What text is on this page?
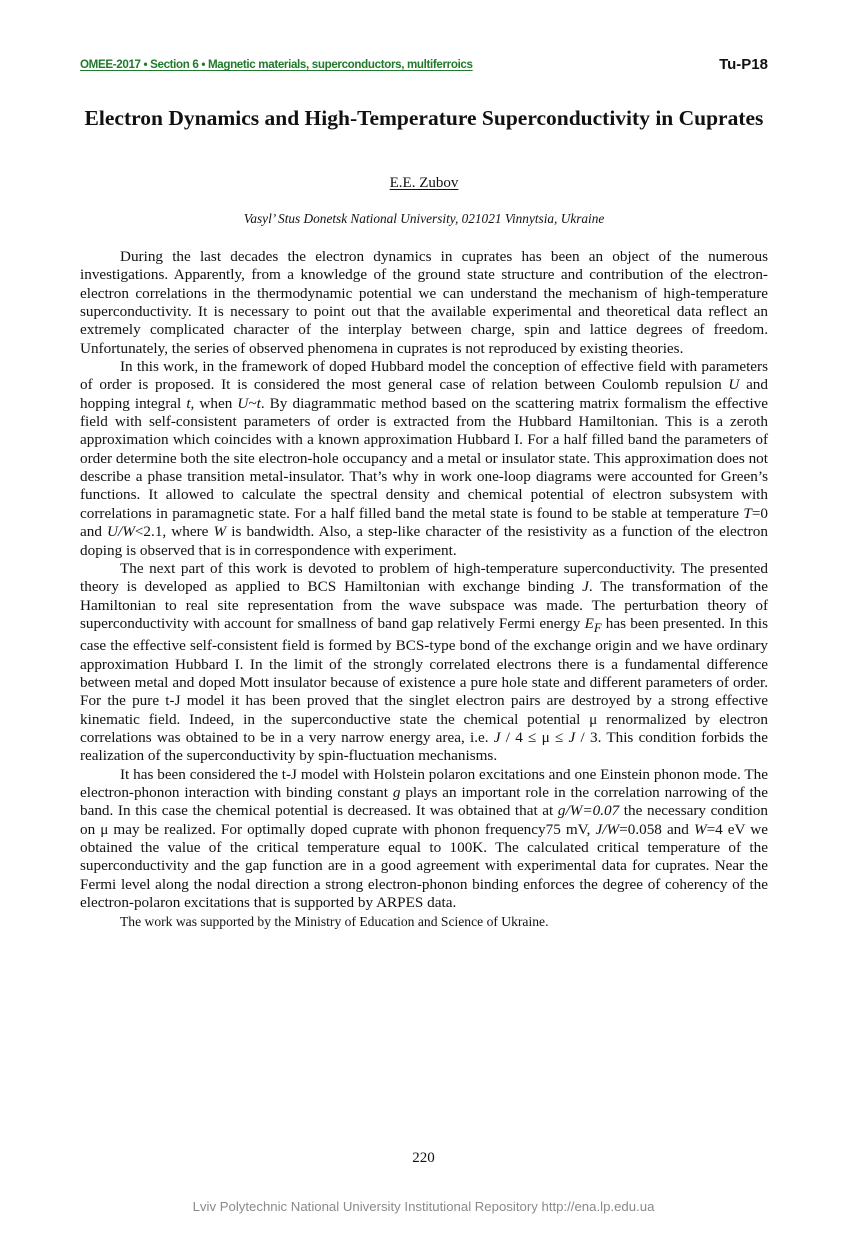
OMEE-2017 • Section 6 • Magnetic materials, superconductors, multiferroics	Tu-P18
Electron Dynamics and High-Temperature Superconductivity in Cuprates
E.E. Zubov
Vasyl’ Stus Donetsk National University, 021021 Vinnytsia, Ukraine

During the last decades the electron dynamics in cuprates has been an object of the numerous investigations. Apparently, from a knowledge of the ground state structure and contribution of the electron-electron correlations in the thermodynamic potential we can understand the mechanism of high-temperature superconductivity. It is necessary to point out that the available experimental and theoretical data reflect an extremely complicated character of the interplay between charge, spin and lattice degrees of freedom. Unfortunately, the series of observed phenomena in cuprates is not reproduced by existing theories.

In this work, in the framework of doped Hubbard model the conception of effective field with parameters of order is proposed. It is considered the most general case of relation between Coulomb repulsion U and hopping integral t, when U~t. By diagrammatic method based on the scattering matrix formalism the effective field with self-consistent parameters of order is extracted from the Hubbard Hamiltonian. This is a zeroth approximation which coincides with a known approximation Hubbard I. For a half filled band the parameters of order determine both the site electron-hole occupancy and a metal or insulator state. This approximation does not describe a phase transition metal-insulator. That’s why in work one-loop diagrams were accounted for Green’s functions. It allowed to calculate the spectral density and chemical potential of electron subsystem with correlations in paramagnetic state. For a half filled band the metal state is found to be stable at temperature T=0 and U/W<2.1, where W is bandwidth. Also, a step-like character of the resistivity as a function of the electron doping is observed that is in correspondence with experiment.

The next part of this work is devoted to problem of high-temperature superconductivity. The presented theory is developed as applied to BCS Hamiltonian with exchange binding J. The transformation of the Hamiltonian to real site representation from the wave subspace was made. The perturbation theory of superconductivity with account for smallness of band gap relatively Fermi energy $E_F$ has been presented. In this case the effective self-consistent field is formed by BCS-type bond of the exchange origin and we have ordinary approximation Hubbard I. In the limit of the strongly correlated electrons there is a fundamental difference between metal and doped Mott insulator because of existence a pure hole state and different parameters of order. For the pure t-J model it has been proved that the singlet electron pairs are destroyed by a strong effective kinematic field. Indeed, in the superconductive state the chemical potential μ renormalized by electron correlations was obtained to be in a very narrow energy area, i.e. J / 4 ≤ μ ≤ J / 3. This condition forbids the realization of the superconductivity by spin-fluctuation mechanisms.

It has been considered the t-J model with Holstein polaron excitations and one Einstein phonon mode. The electron-phonon interaction with binding constant g plays an important role in the correlation narrowing of the band. In this case the chemical potential is decreased. It was obtained that at g/W=0.07 the necessary condition on μ may be realized. For optimally doped cuprate with phonon frequency75 mV, J/W=0.058 and W=4 eV we obtained the value of the critical temperature equal to 100K. The calculated critical temperature of the superconductivity and the gap function are in a good agreement with experimental data for cuprates. Near the Fermi level along the nodal direction a strong electron-phonon binding enforces the degree of coherency of the electron-polaron excitations that is supported by ARPES data.

The work was supported by the Ministry of Education and Science of Ukraine.

220
Lviv Polytechnic National University Institutional Repository http://ena.lp.edu.ua
